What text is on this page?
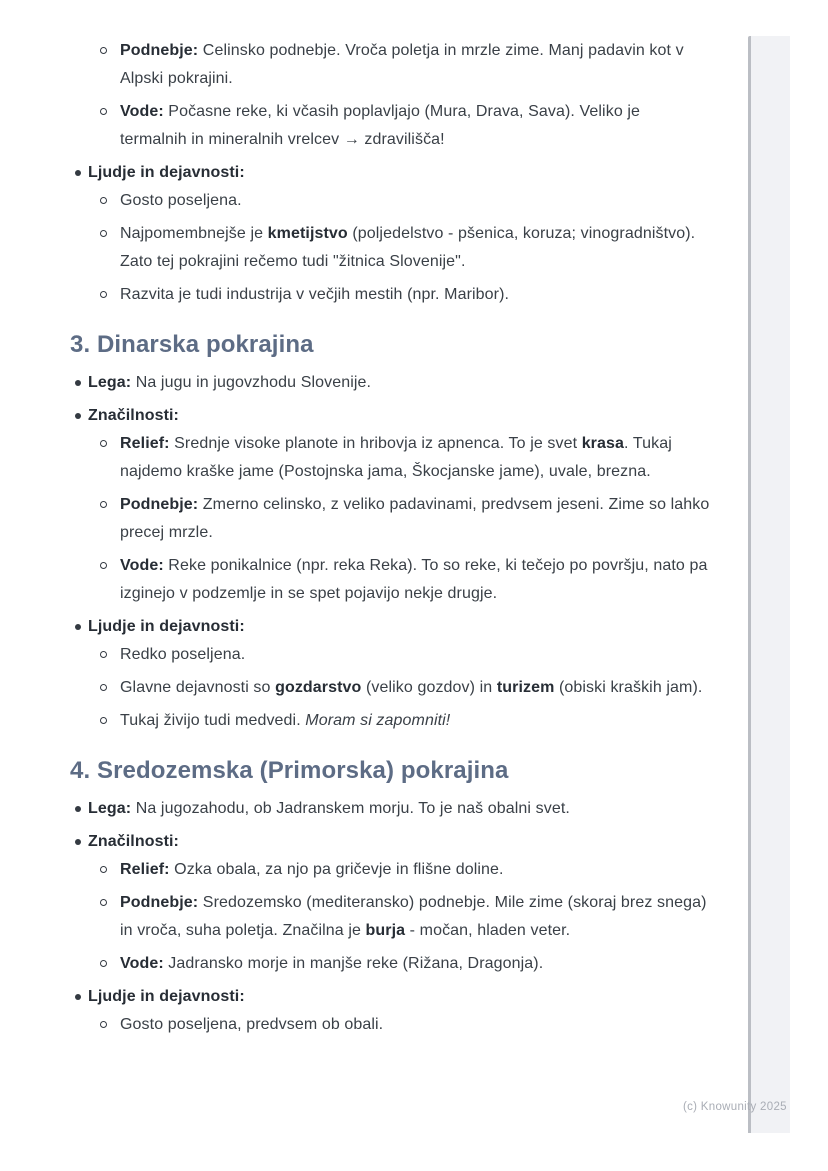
Podnebje: Celinsko podnebje. Vroča poletja in mrzle zime. Manj padavin kot v Alpski pokrajini.
Vode: Počasne reke, ki včasih poplavljajo (Mura, Drava, Sava). Veliko je termalnih in mineralnih vrelcev → zdravilišča!
Ljudje in dejavnosti:
Gosto poseljena.
Najpomembnejše je kmetijstvo (poljedelstvo - pšenica, koruza; vinogradništvo). Zato tej pokrajini rečemo tudi "žitnica Slovenije".
Razvita je tudi industrija v večjih mestih (npr. Maribor).
3. Dinarska pokrajina
Lega: Na jugu in jugovzhodu Slovenije.
Značilnosti:
Relief: Srednje visoke planote in hribovja iz apnenca. To je svet krasa. Tukaj najdemo kraške jame (Postojnska jama, Škocjanske jame), uvale, brezna.
Podnebje: Zmerno celinsko, z veliko padavinami, predvsem jeseni. Zime so lahko precej mrzle.
Vode: Reke ponikalnice (npr. reka Reka). To so reke, ki tečejo po površju, nato pa izginejo v podzemlje in se spet pojavijo nekje drugje.
Ljudje in dejavnosti:
Redko poseljena.
Glavne dejavnosti so gozdarstvo (veliko gozdov) in turizem (obiski kraških jam).
Tukaj živijo tudi medvedi. Moram si zapomniti!
4. Sredozemska (Primorska) pokrajina
Lega: Na jugozahodu, ob Jadranskem morju. To je naš obalni svet.
Značilnosti:
Relief: Ozka obala, za njo pa gričevje in flišne doline.
Podnebje: Sredozemsko (mediteransko) podnebje. Mile zime (skoraj brez snega) in vroča, suha poletja. Značilna je burja - močan, hladen veter.
Vode: Jadransko morje in manjše reke (Rižana, Dragonja).
Ljudje in dejavnosti:
Gosto poseljena, predvsem ob obali.
(c) Knowunity 2025
